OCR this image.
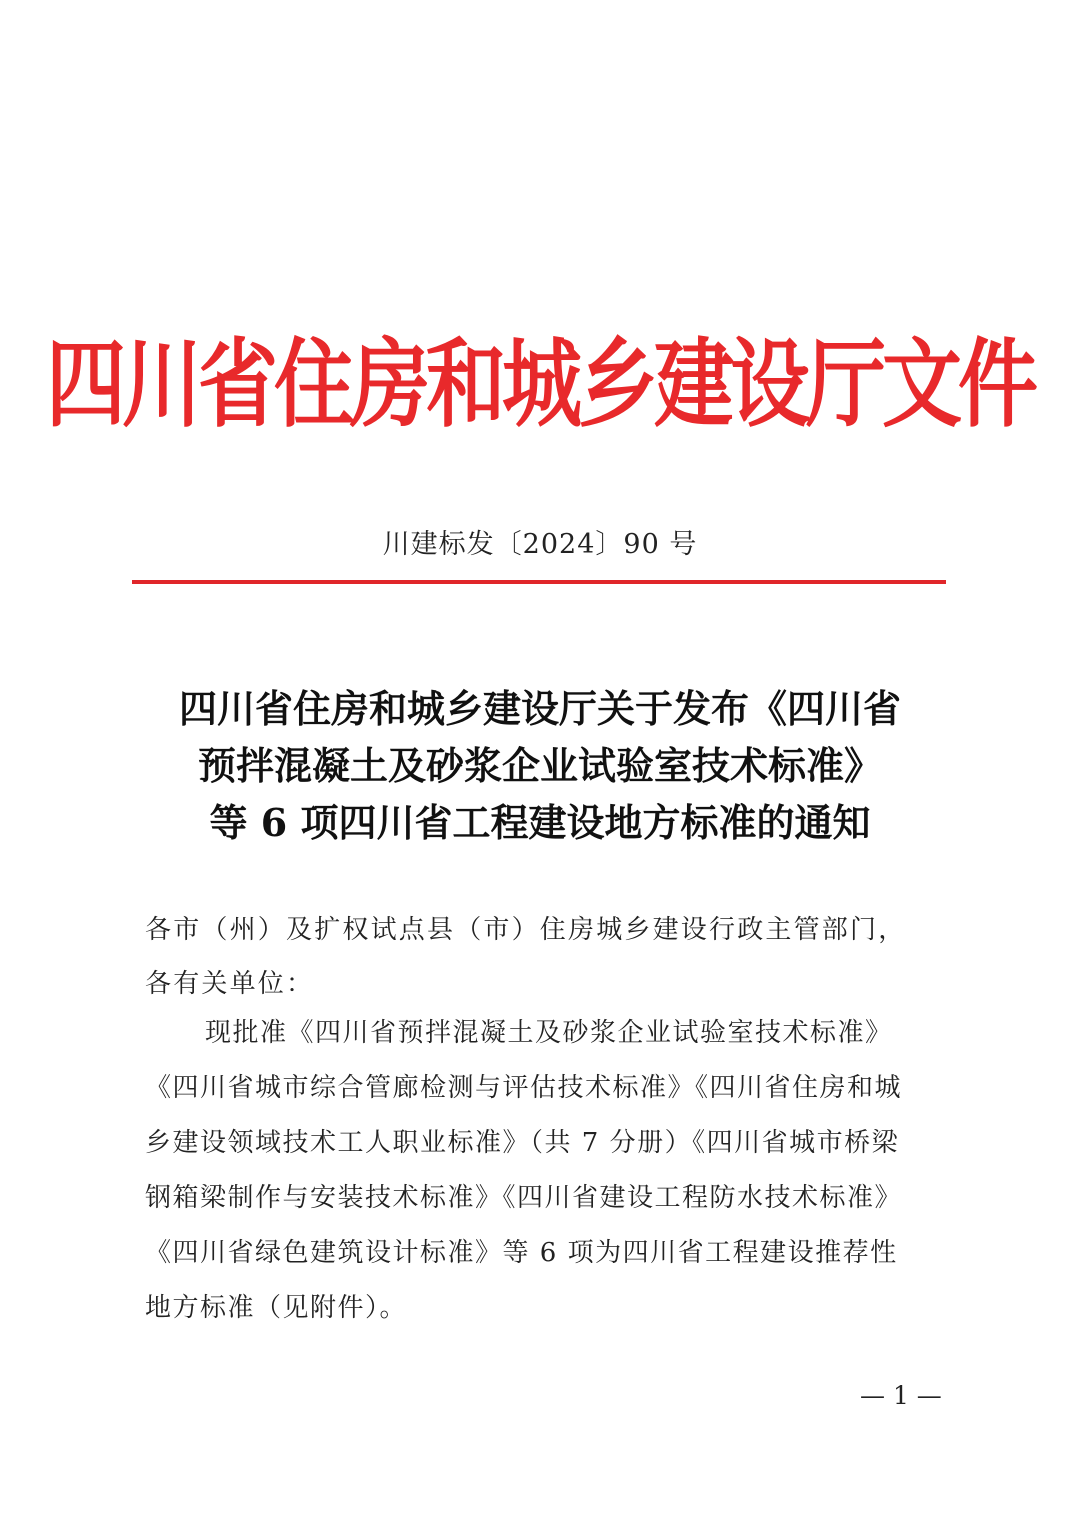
四川省住房和城乡建设厅文件
川建标发〔2024〕90 号
四川省住房和城乡建设厅关于发布《四川省
预拌混凝土及砂浆企业试验室技术标准》
等 6 项四川省工程建设地方标准的通知
各市（州）及扩权试点县（市）住房城乡建设行政主管部门，
各有关单位：
现批准《四川省预拌混凝土及砂浆企业试验室技术标准》
《四川省城市综合管廊检测与评估技术标准》《四川省住房和城
乡建设领域技术工人职业标准》（共 7 分册）《四川省城市桥梁
钢箱梁制作与安装技术标准》《四川省建设工程防水技术标准》
《四川省绿色建筑设计标准》等 6 项为四川省工程建设推荐性
地方标准（见附件）。
— 1 —
